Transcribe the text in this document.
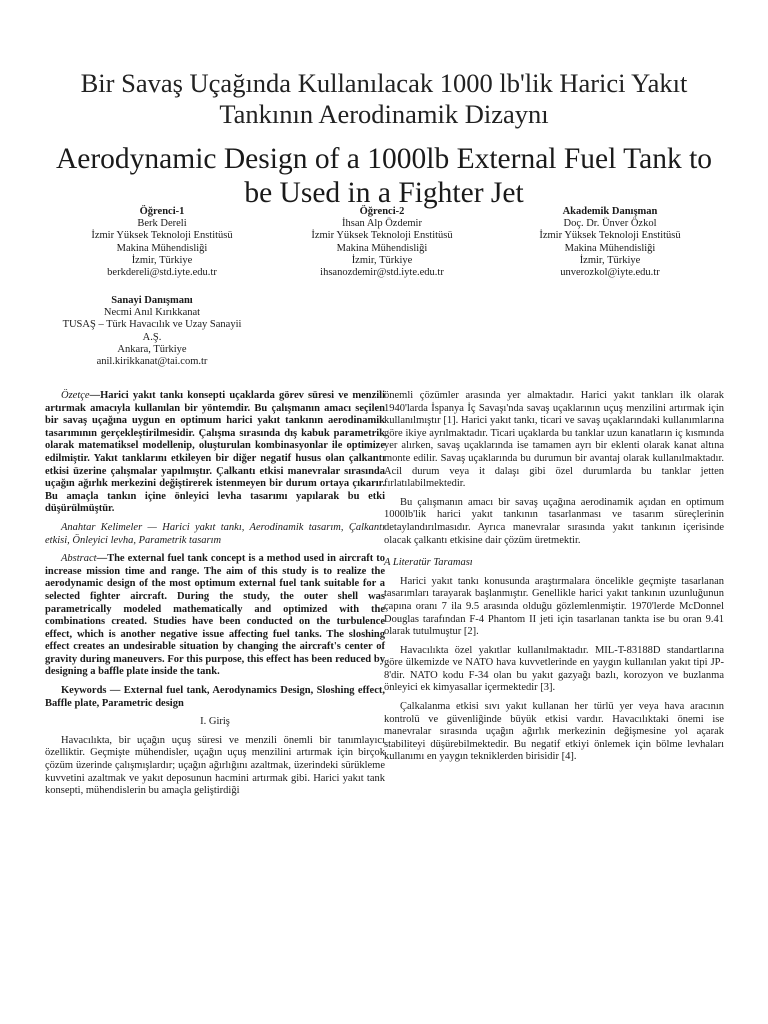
Bir Savaş Uçağında Kullanılacak 1000 lb'lik Harici Yakıt Tankının Aerodinamik Dizaynı
Aerodynamic Design of a 1000lb External Fuel Tank to be Used in a Fighter Jet
Öğrenci-1
Berk Dereli
İzmir Yüksek Teknoloji Enstitüsü
Makina Mühendisliği
İzmir, Türkiye
berkdereli@std.iyte.edu.tr
Öğrenci-2
İhsan Alp Özdemir
İzmir Yüksek Teknoloji Enstitüsü
Makina Mühendisliği
İzmir, Türkiye
ihsanozdemir@std.iyte.edu.tr
Akademik Danışman
Doç. Dr. Ünver Özkol
İzmir Yüksek Teknoloji Enstitüsü
Makina Mühendisliği
İzmir, Türkiye
unverozkol@iyte.edu.tr
Sanayi Danışmanı
Necmi Anıl Kırıkkanat
TUSAŞ – Türk Havacılık ve Uzay Sanayii
A.Ş.
Ankara, Türkiye
anil.kirikkanat@tai.com.tr

Özetçe—Harici yakıt tankı konsepti uçaklarda görev süresi ve menzili artırmak amacıyla kullanılan bir yöntemdir. Bu çalışmanın amacı seçilen bir savaş uçağına uygun en optimum harici yakıt tankının aerodinamik tasarımının gerçekleştirilmesidir. Çalışma sırasında dış kabuk parametrik olarak matematiksel modellenip, oluşturulan kombinasyonlar ile optimize edilmiştir. Yakıt tanklarını etkileyen bir diğer negatif husus olan çalkantı etkisi üzerine çalışmalar yapılmıştır. Çalkantı etkisi manevralar sırasında uçağın ağırlık merkezini değiştirerek istenmeyen bir durum ortaya çıkarır. Bu amaçla tankın içine önleyici levha tasarımı yapılarak bu etki düşürülmüştür.

Anahtar Kelimeler — Harici yakıt tankı, Aerodinamik tasarım, Çalkantı etkisi, Önleyici levha, Parametrik tasarım

Abstract—The external fuel tank concept is a method used in aircraft to increase mission time and range. The aim of this study is to realize the aerodynamic design of the most optimum external fuel tank suitable for a selected fighter aircraft. During the study, the outer shell was parametrically modeled mathematically and optimized with the combinations created. Studies have been conducted on the turbulence effect, which is another negative issue affecting fuel tanks. The sloshing effect creates an undesirable situation by changing the aircraft's center of gravity during maneuvers. For this purpose, this effect has been reduced by designing a baffle plate inside the tank.

Keywords — External fuel tank, Aerodynamics Design, Sloshing effect, Baffle plate, Parametric design

I. Giriş

Havacılıkta, bir uçağın uçuş süresi ve menzili önemli bir tanımlayıcı özelliktir. Geçmişte mühendisler, uçağın uçuş menzilini artırmak için birçok çözüm üzerinde çalışmışlardır; uçağın ağırlığını azaltmak, üzerindeki sürükleme kuvvetini azaltmak ve yakıt deposunun hacmini artırmak gibi. Harici yakıt tank konsepti, mühendislerin bu amaçla geliştirdiği

önemli çözümler arasında yer almaktadır. Harici yakıt tankları ilk olarak 1940'larda İspanya İç Savaşı'nda savaş uçaklarının uçuş menzilini artırmak için kullanılmıştır [1]. Harici yakıt tankı, ticari ve savaş uçaklarındaki kullanımlarına göre ikiye ayrılmaktadır. Ticari uçaklarda bu tanklar uzun kanatların iç kısmında yer alırken, savaş uçaklarında ise tamamen ayrı bir eklenti olarak kanat altına monte edilir. Savaş uçaklarında bu durumun bir avantaj olarak kullanılmaktadır. Acil durum veya it dalaşı gibi özel durumlarda bu tanklar jetten fırlatılabilmektedir.

Bu çalışmanın amacı bir savaş uçağına aerodinamik açıdan en optimum 1000lb'lik harici yakıt tankının tasarlanması ve tasarım süreçlerinin detaylandırılmasıdır. Ayrıca manevralar sırasında yakıt tankının içerisinde olacak çalkantı etkisine dair çözüm üretmektir.

A Literatür Taraması

Harici yakıt tankı konusunda araştırmalara öncelikle geçmişte tasarlanan tasarımları tarayarak başlanmıştır. Genellikle harici yakıt tankının uzunluğunun çapına oranı 7 ila 9.5 arasında olduğu gözlemlenmiştir. 1970'lerde McDonnel Douglas tarafından F-4 Phantom II jeti için tasarlanan tankta ise bu oran 9.41 olarak tutulmuştur [2].

Havacılıkta özel yakıtlar kullanılmaktadır. MIL-T-83188D standartlarına göre ülkemizde ve NATO hava kuvvetlerinde en yaygın kullanılan yakıt tipi JP-8'dir. NATO kodu F-34 olan bu yakıt gazyağı bazlı, korozyon ve buzlanma önleyici ek kimyasallar içermektedir [3].

Çalkalanma etkisi sıvı yakıt kullanan her türlü yer veya hava aracının kontrolü ve güvenliğinde büyük etkisi vardır. Havacılıktaki önemi ise manevralar sırasında uçağın ağırlık merkezinin değişmesine yol açarak stabiliteyi düşürebilmektedir. Bu negatif etkiyi önlemek için bölme levhaları kullanımı en yaygın tekniklerden birisidir [4].
